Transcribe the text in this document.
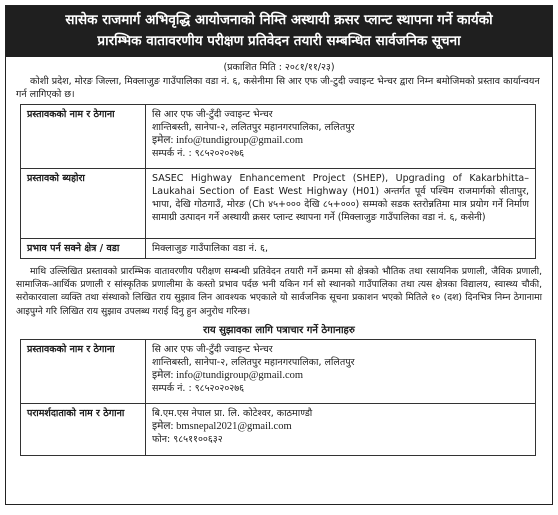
सासेक राजमार्ग अभिवृद्धि आयोजनाको निम्ति अस्थायी क्रसर प्लान्ट स्थापना गर्ने कार्यको
प्रारम्भिक वातावरणीय परीक्षण प्रतिवेदन तयारी सम्बन्धित सार्वजनिक सूचना
(प्रकाशित मिति : २०८१/११/२३)
कोशी प्रदेश, मोरङ जिल्ला, मिक्लाजुङ गाउँपालिका वडा नं. ६, कसेनीमा सि आर एफ जी-टुदी ज्वाइन्ट भेन्चर द्वारा निम्न बमोजिमको प्रस्ताव कार्यान्वयन गर्न लागिएको छ।
प्रस्तावकको नाम र ठेगाना	सि आर एफ जी-टुँदी ज्वाइन्ट भेन्चर
शान्तिबस्ती, सानेपा-२, ललितपुर महानगरपालिका, ललितपुर
इमेल: info@tundigroup@gmail.com
सम्पर्क नं. : ९८५२०२०२७६

प्रस्तावको ब्यहोरा	SASEC Highway Enhancement Project (SHEP), Upgrading of Kakarbhitta–Laukahai Section of East West Highway (H01) अन्तर्गत पूर्व पश्चिम राजमार्गको सीतापुर, भापा, देखि गोठगाउँ, मोरङ (Ch ४५+००० देखि ८५+०००) सम्मको सडक स्तरोन्नतिमा मात्र प्रयोग गर्ने निर्माण सामाग्री उत्पादन गर्ने अस्थायी क्रसर प्लान्ट स्थापना गर्ने (मिक्लाजुङ गाउँपालिका वडा नं. ६, कसेनी)
प्रभाव पर्न सक्ने क्षेत्र / वडा	मिक्लाजुङ गाउँपालिका वडा नं. ६,
माथि उल्लिखित प्रस्तावको प्रारम्भिक वातावरणीय परीक्षण सम्बन्धी प्रतिवेदन तयारी गर्ने क्रममा सो क्षेत्रको भौतिक तथा रसायनिक प्रणाली, जैविक प्रणाली, सामाजिक-आर्थिक प्रणाली र सांस्कृतिक प्रणालीमा के कस्तो प्रभाव पर्दछ भनी यकिन गर्न सो स्थानको गाउँपालिका तथा त्यस क्षेत्रका विद्यालय, स्वास्थ्य चौकी, सरोकारवाला व्यक्ति तथा संस्थाको लिखित राय सुझाव लिन आवश्यक भएकाले यो सार्वजनिक सूचना प्रकाशन भएको मितिले १० (दश) दिनभित्र निम्न ठेगानामा आइपुग्ने गरि लिखित राय सुझाव उपलब्ध गराई दिनु हुन अनुरोध गरिन्छ।
राय सुझावका लागि पत्राचार गर्ने ठेगानाहरु
प्रस्तावकको नाम र ठेगाना	सि आर एफ जी-टुँदी ज्वाइन्ट भेन्चर
शान्तिबस्ती, सानेपा-२, ललितपुर महानगरपालिका, ललितपुर
इमेल: info@tundigroup@gmail.com
सम्पर्क नं. : ९८५२०२०२७६

परामर्शदाताको नाम र ठेगाना	बि.एम.एस नेपाल प्रा. लि. कोटेश्वर, काठमाण्डौ
इमेल: bmsnepal2021@gmail.com
फोन: ९८५११००६३२
